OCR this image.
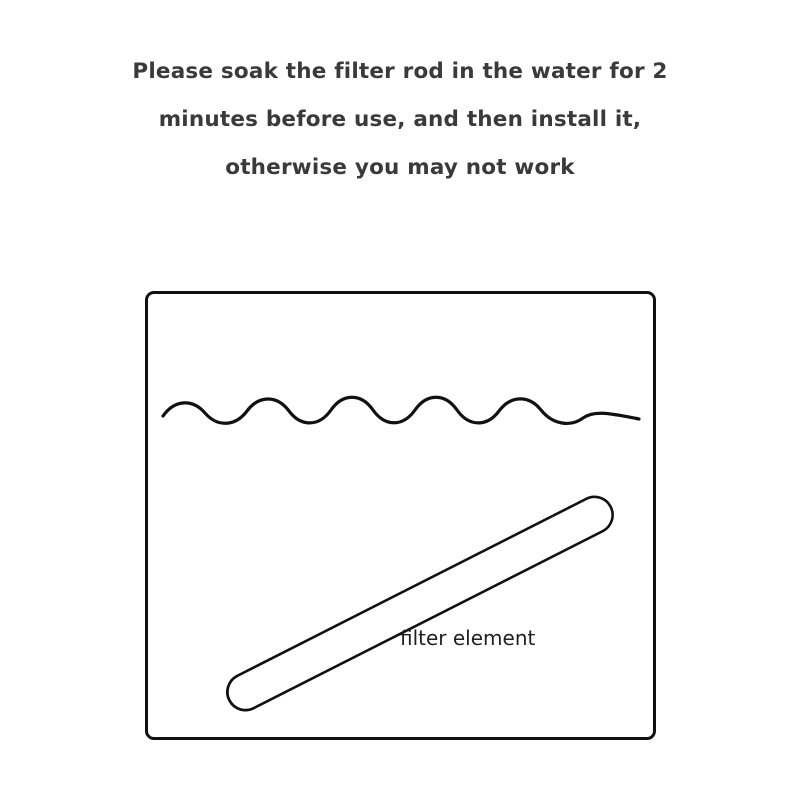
Please soak the filter rod in the water for 2
minutes before use, and then install it,
otherwise you may not work
filter element
